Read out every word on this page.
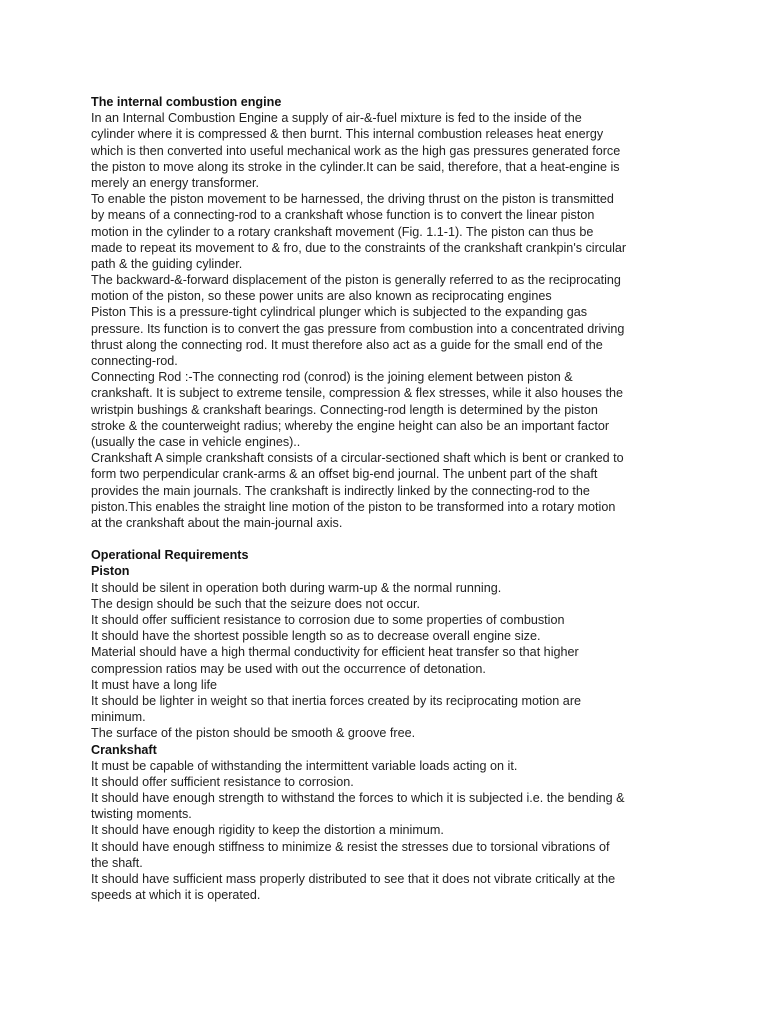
The internal combustion engine
In an Internal Combustion Engine a supply of air-&-fuel mixture is fed to the inside of the
cylinder where it is compressed & then burnt. This internal combustion releases heat energy
which is then converted into useful mechanical work as the high gas pressures generated force
the piston to move along its stroke in the cylinder.It can be said, therefore, that a heat-engine is
merely an energy transformer.
To enable the piston movement to be harnessed, the driving thrust on the piston is transmitted
by means of a connecting-rod to a crankshaft whose function is to convert the linear piston
motion in the cylinder to a rotary crankshaft movement (Fig. 1.1-1). The piston can thus be
made to repeat its movement to & fro, due to the constraints of the crankshaft crankpin's circular
path & the guiding cylinder.
The backward-&-forward displacement of the piston is generally referred to as the reciprocating
motion of the piston, so these power units are also known as reciprocating engines
Piston This is a pressure-tight cylindrical plunger which is subjected to the expanding gas
pressure. Its function is to convert the gas pressure from combustion into a concentrated driving
thrust along the connecting rod. It must therefore also act as a guide for the small end of the
connecting-rod.
Connecting Rod :-The connecting rod (conrod) is the joining element between piston &
crankshaft. It is subject to extreme tensile, compression & flex stresses, while it also houses the
wristpin bushings & crankshaft bearings. Connecting-rod length is determined by the piston
stroke & the counterweight radius; whereby the engine height can also be an important factor
(usually the case in vehicle engines)..
Crankshaft A simple crankshaft consists of a circular-sectioned shaft which is bent or cranked to
form two perpendicular crank-arms & an offset big-end journal. The unbent part of the shaft
provides the main journals. The crankshaft is indirectly linked by the connecting-rod to the
piston.This enables the straight line motion of the piston to be transformed into a rotary motion
at the crankshaft about the main-journal axis.
Operational Requirements
Piston
It should be silent in operation both during warm-up & the normal running.
The design should be such that the seizure does not occur.
It should offer sufficient resistance to corrosion due to some properties of combustion
It should have the shortest possible length so as to decrease overall engine size.
Material should have a high thermal conductivity for efficient heat transfer so that higher
compression ratios may be used with out the occurrence of detonation.
It must have a long life
It should be lighter in weight so that inertia forces created by its reciprocating motion are
minimum.
The surface of the piston should be smooth & groove free.
Crankshaft
It must be capable of withstanding the intermittent variable loads acting on it.
It should offer sufficient resistance to corrosion.
It should have enough strength to withstand the forces to which it is subjected i.e. the bending &
twisting moments.
It should have enough rigidity to keep the distortion a minimum.
It should have enough stiffness to minimize & resist the stresses due to torsional vibrations of
the shaft.
It should have sufficient mass properly distributed to see that it does not vibrate critically at the
speeds at which it is operated.
